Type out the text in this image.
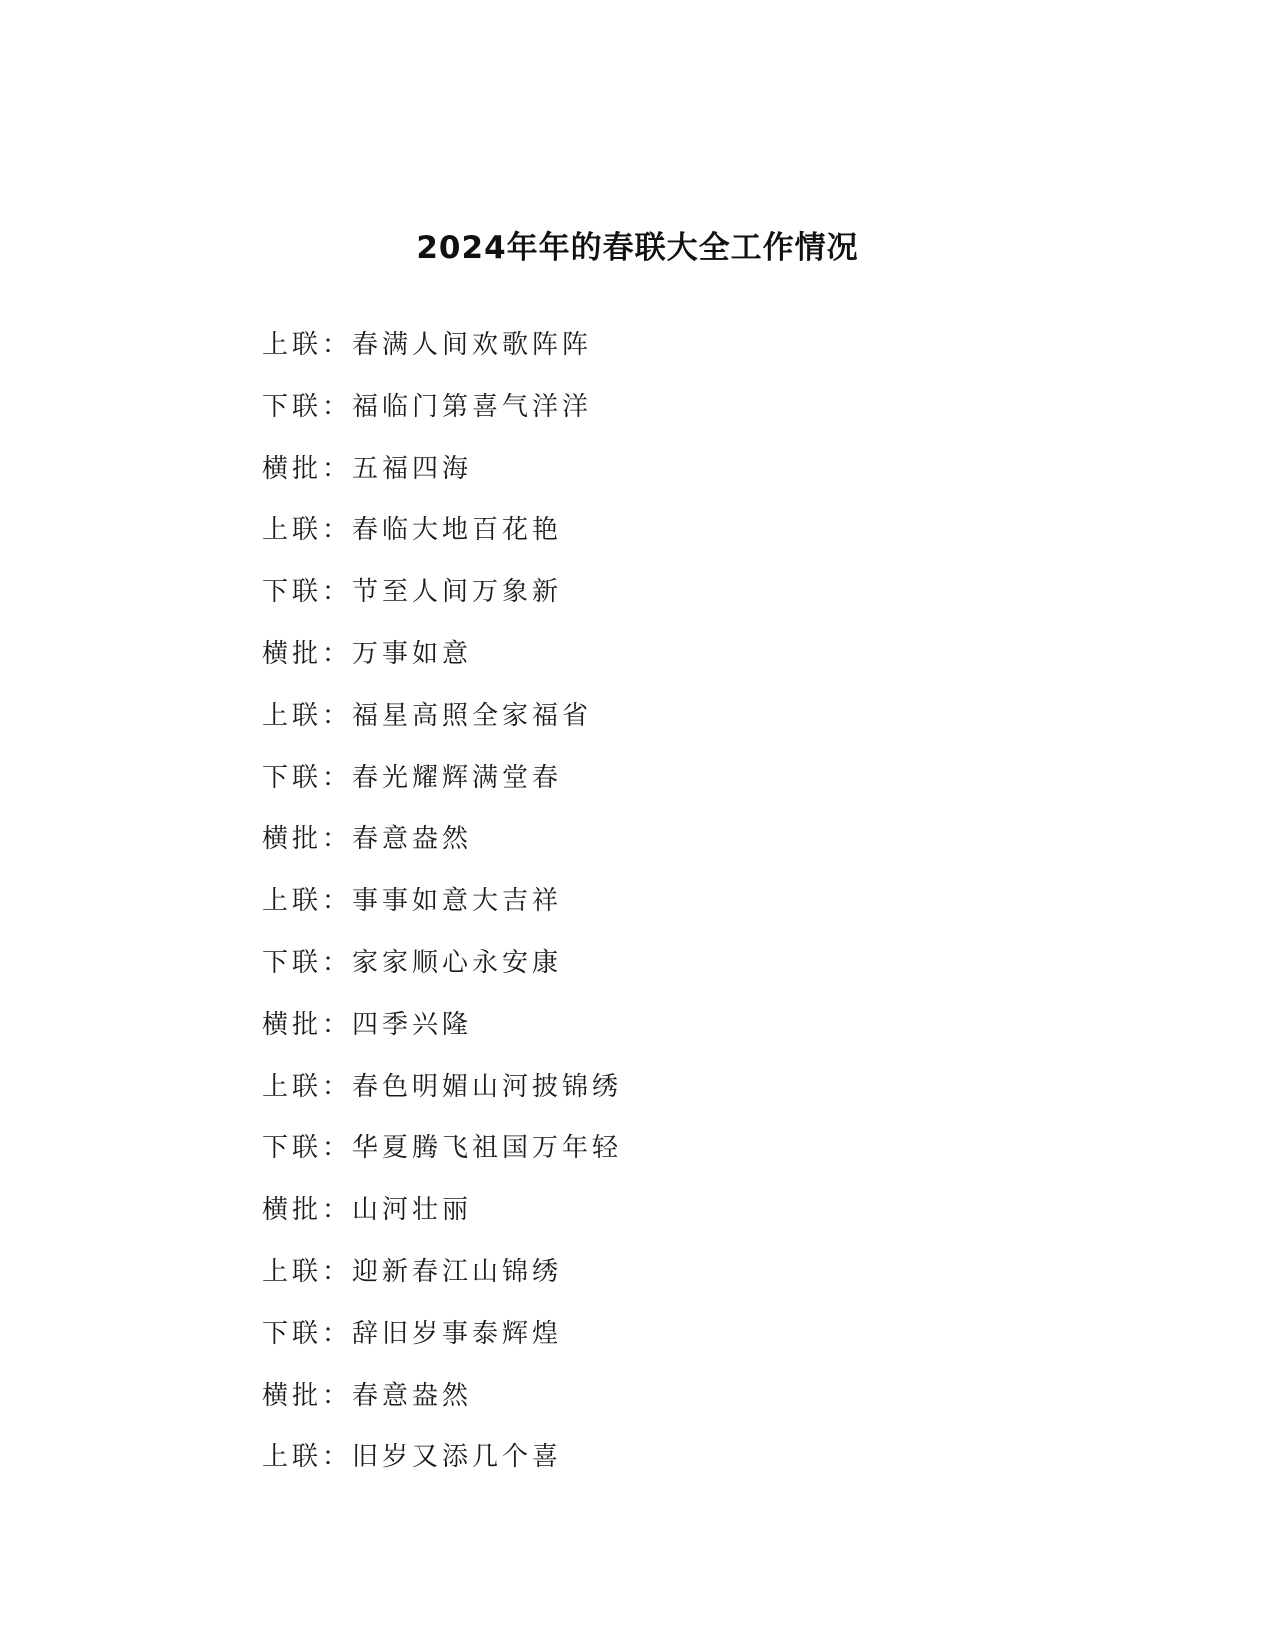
2024年年的春联大全工作情况
上联 ： 春满人间欢歌阵阵
下联 ： 福临门第喜气洋洋
横批 ： 五福四海
上联 ： 春临大地百花艳
下联 ： 节至人间万象新
横批 ： 万事如意
上联 ： 福星高照全家福省
下联 ： 春光耀辉满堂春
横批 ： 春意盎然
上联 ： 事事如意大吉祥
下联 ： 家家顺心永安康
横批 ： 四季兴隆
上联 ： 春色明媚山河披锦绣
下联 ： 华夏腾飞祖国万年轻
横批 ： 山河壮丽
上联 ： 迎新春江山锦绣
下联 ： 辞旧岁事泰辉煌
横批 ： 春意盎然
上联 ： 旧岁又添几个喜
